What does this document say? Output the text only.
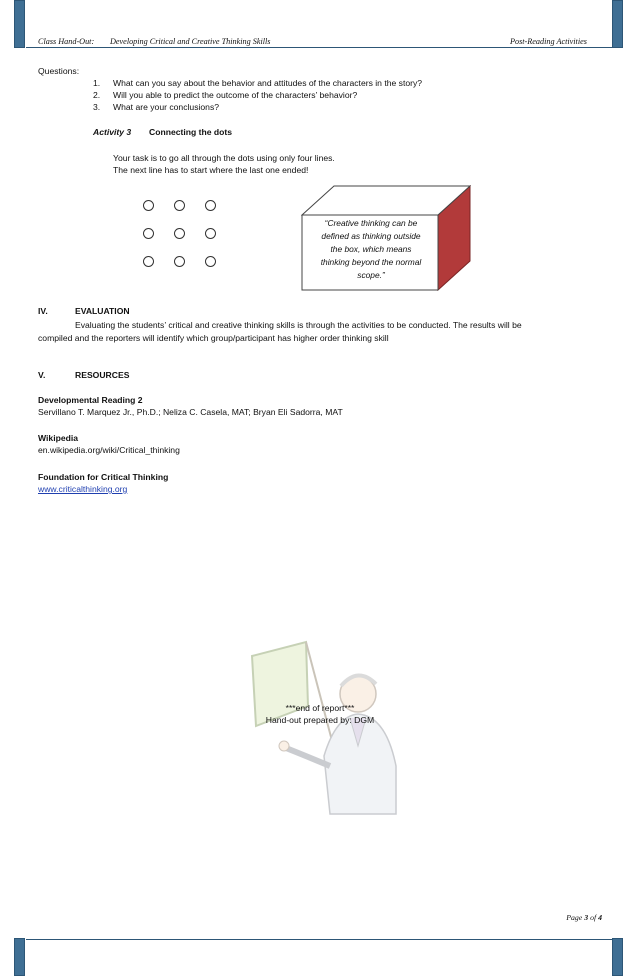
Class Hand-Out: Developing Critical and Creative Thinking Skills	Post-Reading Activities
Questions:
1. What can you say about the behavior and attitudes of the characters in the story?
2. Will you able to predict the outcome of the characters’ behavior?
3. What are your conclusions?
Activity 3 Connecting the dots
Your task is to go all through the dots using only four lines.
The next line has to start where the last one ended!
“Creative thinking can be
defined as thinking outside
the box, which means
thinking beyond the normal
scope.”
IV.	EVALUATION
Evaluating the students’ critical and creative thinking skills is through the activities to be conducted. The results will be
compiled and the reporters will identify which group/participant has higher order thinking skill
V.	RESOURCES
Developmental Reading 2
Servillano T. Marquez Jr., Ph.D.; Neliza C. Casela, MAT; Bryan Eli Sadorra, MAT
Wikipedia
en.wikipedia.org/wiki/Critical_thinking
Foundation for Critical Thinking
www.criticalthinking.org
***end of report***
Hand-out prepared by: DGM
Page 3 of 4
